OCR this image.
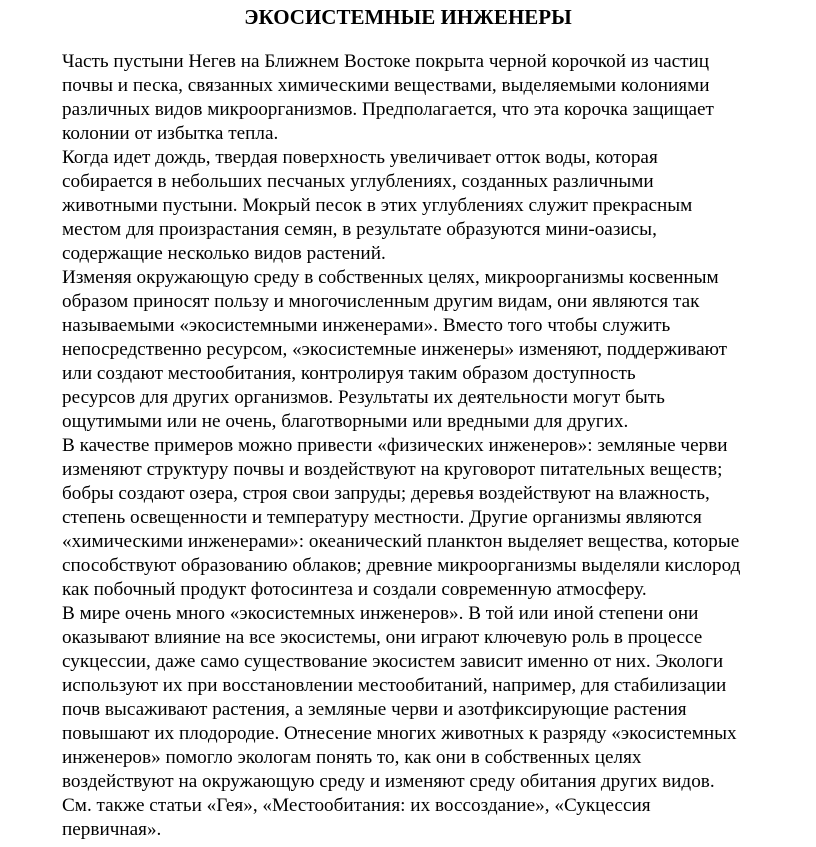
ЭКОСИСТЕМНЫЕ ИНЖЕНЕРЫ
Часть пустыни Негев на Ближнем Востоке покрыта черной корочкой из частиц
почвы и песка, связанных химическими веществами, выделяемыми колониями
различных видов микроорганизмов. Предполагается, что эта корочка защищает
колонии от избытка тепла.
Когда идет дождь, твердая поверхность увеличивает отток воды, которая
собирается в небольших песчаных углублениях, созданных различными
животными пустыни. Мокрый песок в этих углублениях служит прекрасным
местом для произрастания семян, в результате образуются мини-оазисы,
содержащие несколько видов растений.
Изменяя окружающую среду в собственных целях, микроорганизмы косвенным
образом приносят пользу и многочисленным другим видам, они являются так
называемыми «экосистемными инженерами». Вместо того чтобы служить
непосредственно ресурсом, «экосистемные инженеры» изменяют, поддерживают
или создают местообитания, контролируя таким образом доступность
ресурсов для других организмов. Результаты их деятельности могут быть
ощутимыми или не очень, благотворными или вредными для других.
В качестве примеров можно привести «физических инженеров»: земляные черви
изменяют структуру почвы и воздействуют на круговорот питательных веществ;
бобры создают озера, строя свои запруды; деревья воздействуют на влажность,
степень освещенности и температуру местности. Другие организмы являются
«химическими инженерами»: океанический планктон выделяет вещества, которые
способствуют образованию облаков; древние микроорганизмы выделяли кислород
как побочный продукт фотосинтеза и создали современную атмосферу.
В мире очень много «экосистемных инженеров». В той или иной степени они
оказывают влияние на все экосистемы, они играют ключевую роль в процессе
сукцессии, даже само существование экосистем зависит именно от них. Экологи
используют их при восстановлении местообитаний, например, для стабилизации
почв высаживают растения, а земляные черви и азотфиксирующие растения
повышают их плодородие. Отнесение многих животных к разряду «экосистемных
инженеров» помогло экологам понять то, как они в собственных целях
воздействуют на окружающую среду и изменяют среду обитания других видов.
См. также статьи «Гея», «Местообитания: их воссоздание», «Сукцессия
первичная».
